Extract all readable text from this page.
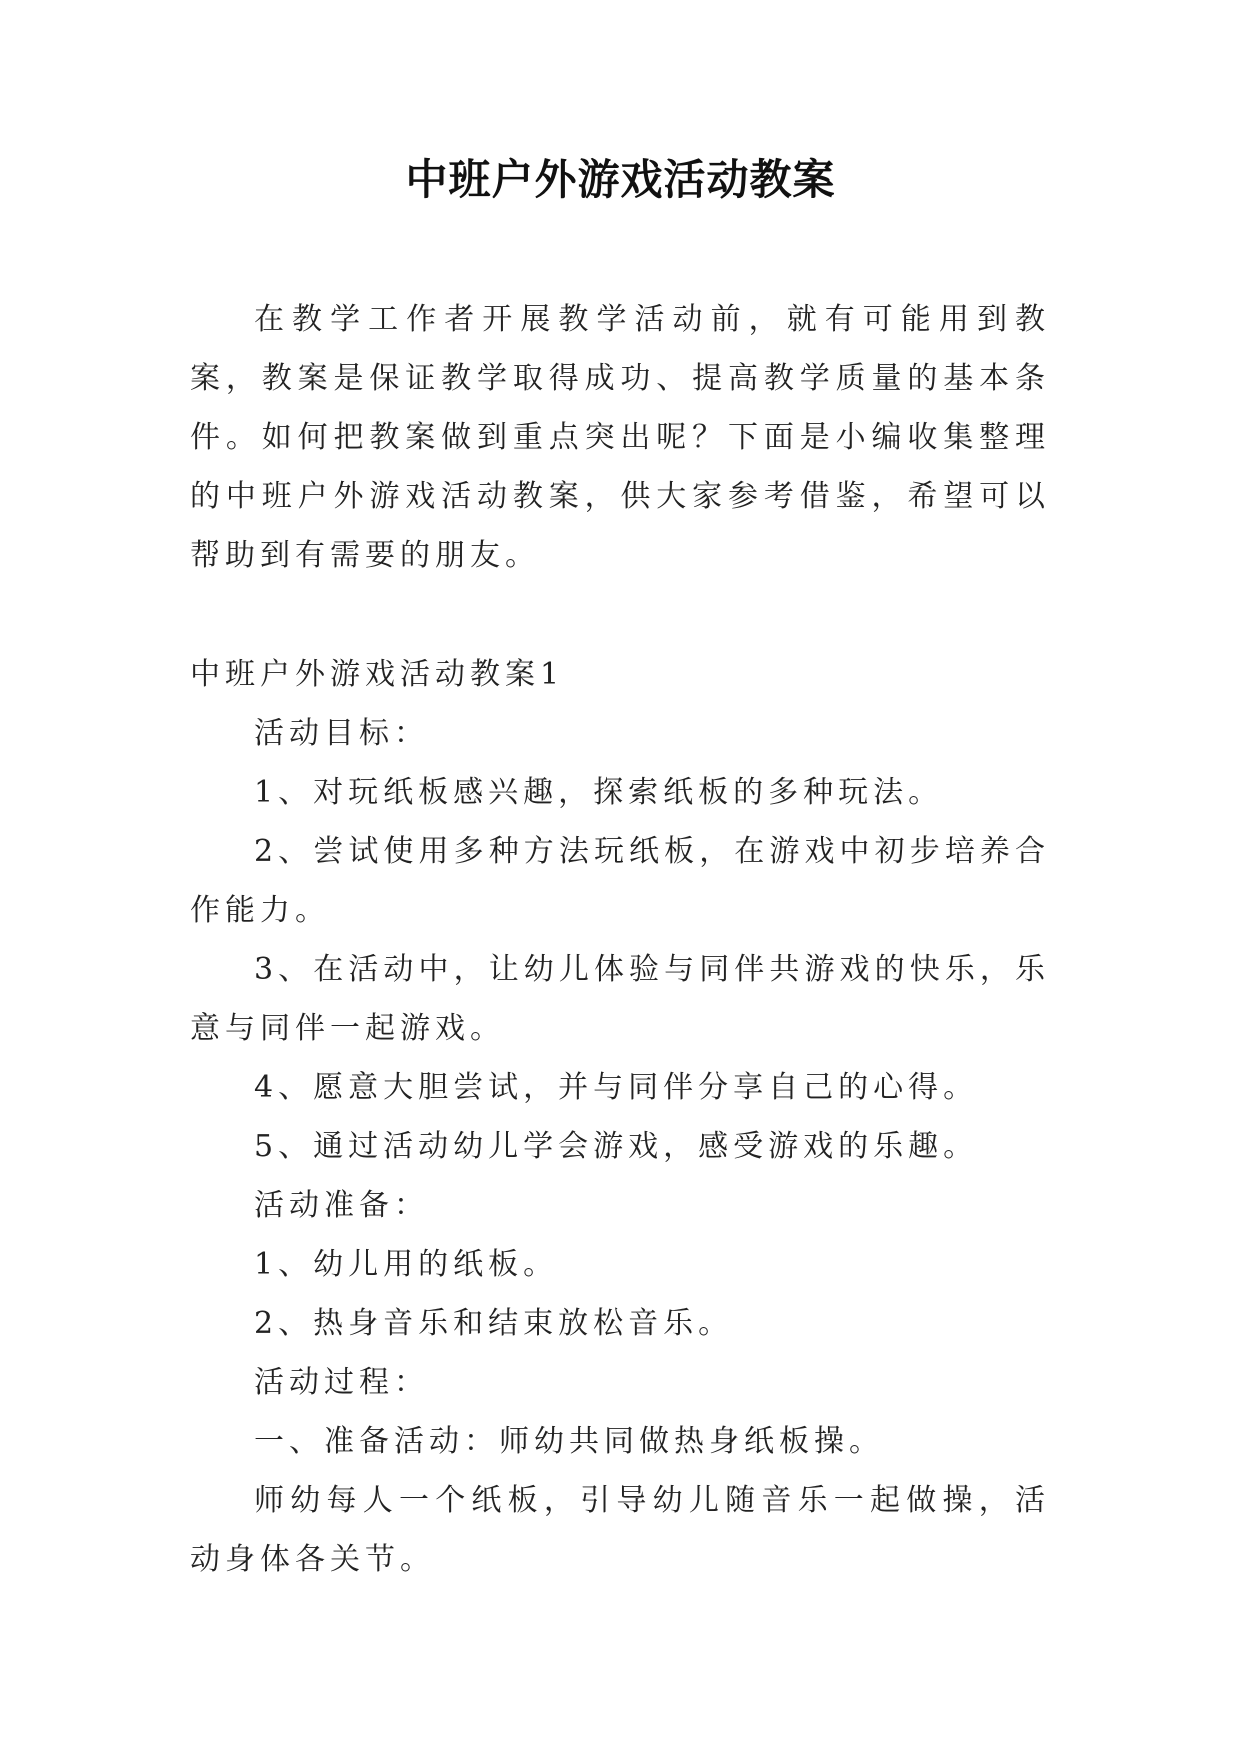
中班户外游戏活动教案

在教学工作者开展教学活动前，就有可能用到教案，教案是保证教学取得成功、提高教学质量的基本条件。如何把教案做到重点突出呢？下面是小编收集整理的中班户外游戏活动教案，供大家参考借鉴，希望可以帮助到有需要的朋友。

中班户外游戏活动教案1

活动目标：

1、对玩纸板感兴趣，探索纸板的多种玩法。

2、尝试使用多种方法玩纸板，在游戏中初步培养合作能力。

3、在活动中，让幼儿体验与同伴共游戏的快乐，乐意与同伴一起游戏。

4、愿意大胆尝试，并与同伴分享自己的心得。

5、通过活动幼儿学会游戏，感受游戏的乐趣。

活动准备：

1、幼儿用的纸板。

2、热身音乐和结束放松音乐。

活动过程：

一、准备活动：师幼共同做热身纸板操。

师幼每人一个纸板，引导幼儿随音乐一起做操，活动身体各关节。
